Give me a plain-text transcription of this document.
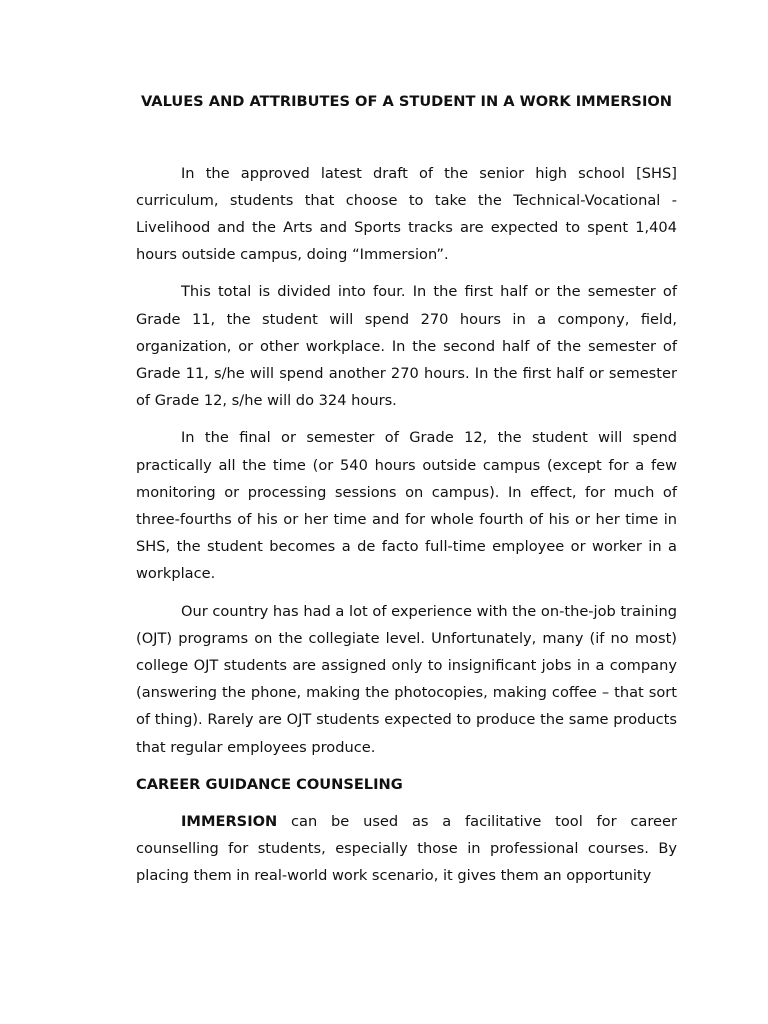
VALUES AND ATTRIBUTES OF A STUDENT IN A WORK IMMERSION

In the approved latest draft of the senior high school [SHS] curriculum, students that choose to take the Technical-Vocational -Livelihood and the Arts and Sports tracks are expected to spent 1,404 hours outside campus, doing “Immersion”.

This total is divided into four. In the first half or the semester of Grade 11, the student will spend 270 hours in a compony, field, organization, or other workplace. In the second half of the semester of Grade 11, s/he will spend another 270 hours. In the first half or semester of Grade 12, s/he will do 324 hours.

In the final or semester of Grade 12, the student will spend practically all the time (or 540 hours outside campus (except for a few monitoring or processing sessions on campus). In effect, for much of three-fourths of his or her time and for whole fourth of his or her time in SHS, the student becomes a de facto full-time employee or worker in a workplace.

Our country has had a lot of experience with the on-the-job training (OJT) programs on the collegiate level. Unfortunately, many (if no most) college OJT students are assigned only to insignificant jobs in a company (answering the phone, making the photocopies, making coffee – that sort of thing). Rarely are OJT students expected to produce the same products that regular employees produce.

CAREER GUIDANCE COUNSELING

IMMERSION can be used as a facilitative tool for career counselling for students, especially those in professional courses. By placing them in real-world work scenario, it gives them an opportunity
